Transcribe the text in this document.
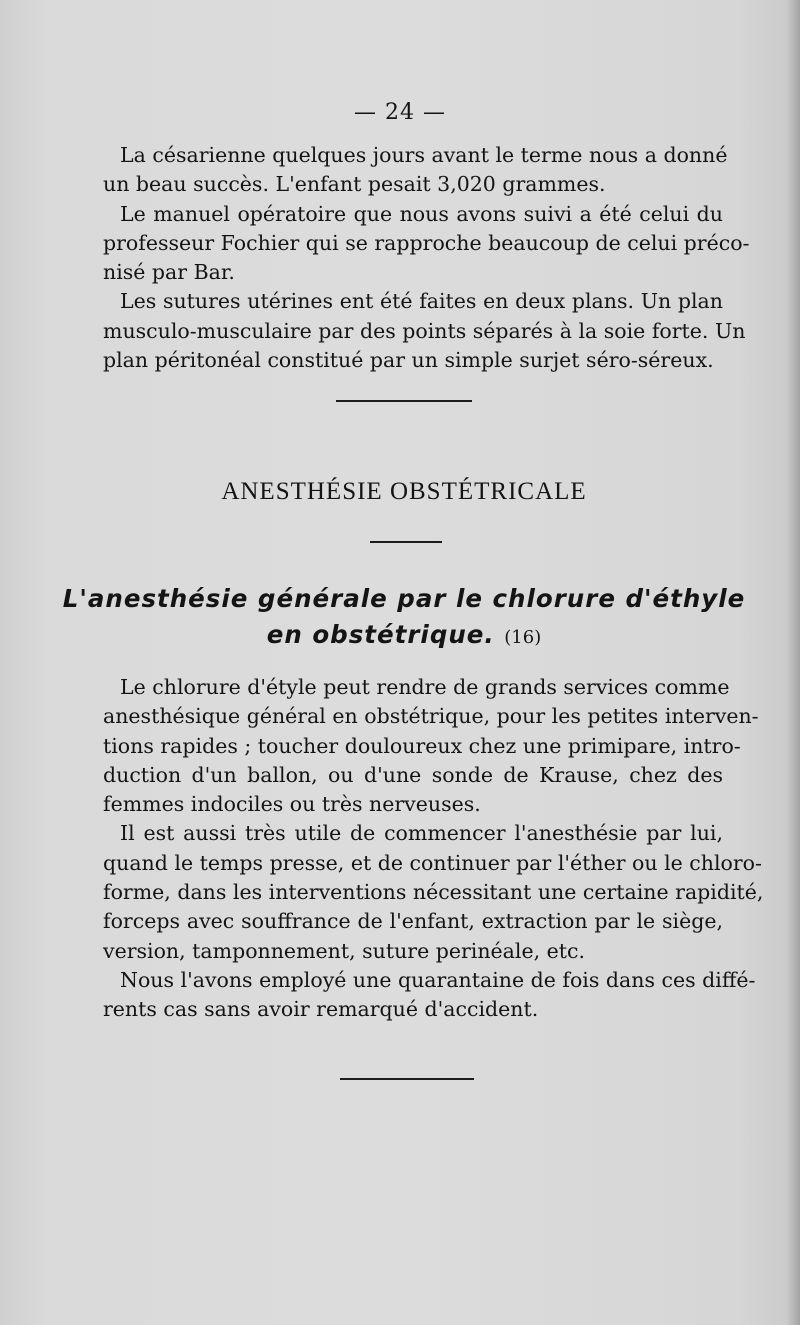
— 24 —
La césarienne quelques jours avant le terme nous a donné
un beau succès. L'enfant pesait 3,020 grammes.
Le manuel opératoire que nous avons suivi a été celui du
professeur Fochier qui se rapproche beaucoup de celui préco-
nisé par Bar.
Les sutures utérines ent été faites en deux plans. Un plan
musculo-musculaire par des points séparés à la soie forte. Un
plan péritonéal constitué par un simple surjet séro-séreux.
ANESTHÉSIE OBSTÉTRICALE
L'anesthésie générale par le chlorure d'éthyle
en obstétrique. (16)
Le chlorure d'étyle peut rendre de grands services comme
anesthésique général en obstétrique, pour les petites interven-
tions rapides ; toucher douloureux chez une primipare, intro-
duction d'un ballon, ou d'une sonde de Krause, chez des
femmes indociles ou très nerveuses.
Il est aussi très utile de commencer l'anesthésie par lui,
quand le temps presse, et de continuer par l'éther ou le chloro-
forme, dans les interventions nécessitant une certaine rapidité,
forceps avec souffrance de l'enfant, extraction par le siège,
version, tamponnement, suture perinéale, etc.
Nous l'avons employé une quarantaine de fois dans ces diffé-
rents cas sans avoir remarqué d'accident.
